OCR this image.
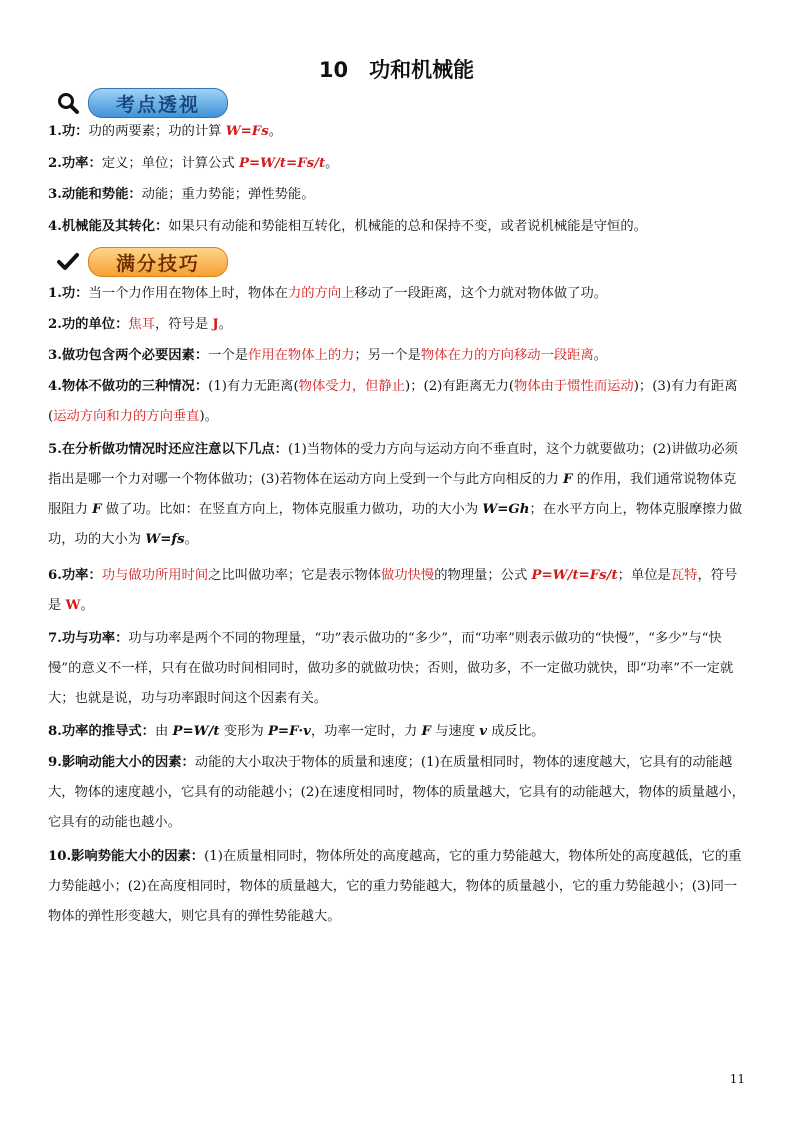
10　功和机械能
考点透视

1.功：功的两要素；功的计算 W=Fs。

2.功率：定义；单位；计算公式 P=W/t=Fs/t。

3.动能和势能：动能；重力势能；弹性势能。

4.机械能及其转化：如果只有动能和势能相互转化，机械能的总和保持不变，或者说机械能是守恒的。

满分技巧

1.功：当一个力作用在物体上时，物体在力的方向上移动了一段距离，这个力就对物体做了功。

2.功的单位：焦耳，符号是 J。

3.做功包含两个必要因素：一个是作用在物体上的力；另一个是物体在力的方向移动一段距离。

4.物体不做功的三种情况：(1)有力无距离(物体受力，但静止)；(2)有距离无力(物体由于惯性而运动)；(3)有力有距离(运动方向和力的方向垂直)。

5.在分析做功情况时还应注意以下几点：(1)当物体的受力方向与运动方向不垂直时，这个力就要做功；(2)讲做功必须指出是哪一个力对哪一个物体做功；(3)若物体在运动方向上受到一个与此方向相反的力 F 的作用，我们通常说物体克服阻力 F 做了功。比如：在竖直方向上，物体克服重力做功，功的大小为 W=Gh；在水平方向上，物体克服摩擦力做功，功的大小为 W=fs。

6.功率：功与做功所用时间之比叫做功率；它是表示物体做功快慢的物理量；公式 P=W/t=Fs/t；单位是瓦特，符号是 W。

7.功与功率：功与功率是两个不同的物理量，“功”表示做功的“多少”，而“功率”则表示做功的“快慢”，“多少”与“快慢”的意义不一样，只有在做功时间相同时，做功多的就做功快；否则，做功多，不一定做功就快，即“功率”不一定就大；也就是说，功与功率跟时间这个因素有关。

8.功率的推导式：由 P=W/t 变形为 P=F·v，功率一定时，力 F 与速度 v 成反比。

9.影响动能大小的因素：动能的大小取决于物体的质量和速度；(1)在质量相同时，物体的速度越大，它具有的动能越大，物体的速度越小，它具有的动能越小；(2)在速度相同时，物体的质量越大，它具有的动能越大，物体的质量越小，它具有的动能也越小。

10.影响势能大小的因素：(1)在质量相同时，物体所处的高度越高，它的重力势能越大，物体所处的高度越低，它的重力势能越小；(2)在高度相同时，物体的质量越大，它的重力势能越大，物体的质量越小，它的重力势能越小；(3)同一物体的弹性形变越大，则它具有的弹性势能越大。

11
